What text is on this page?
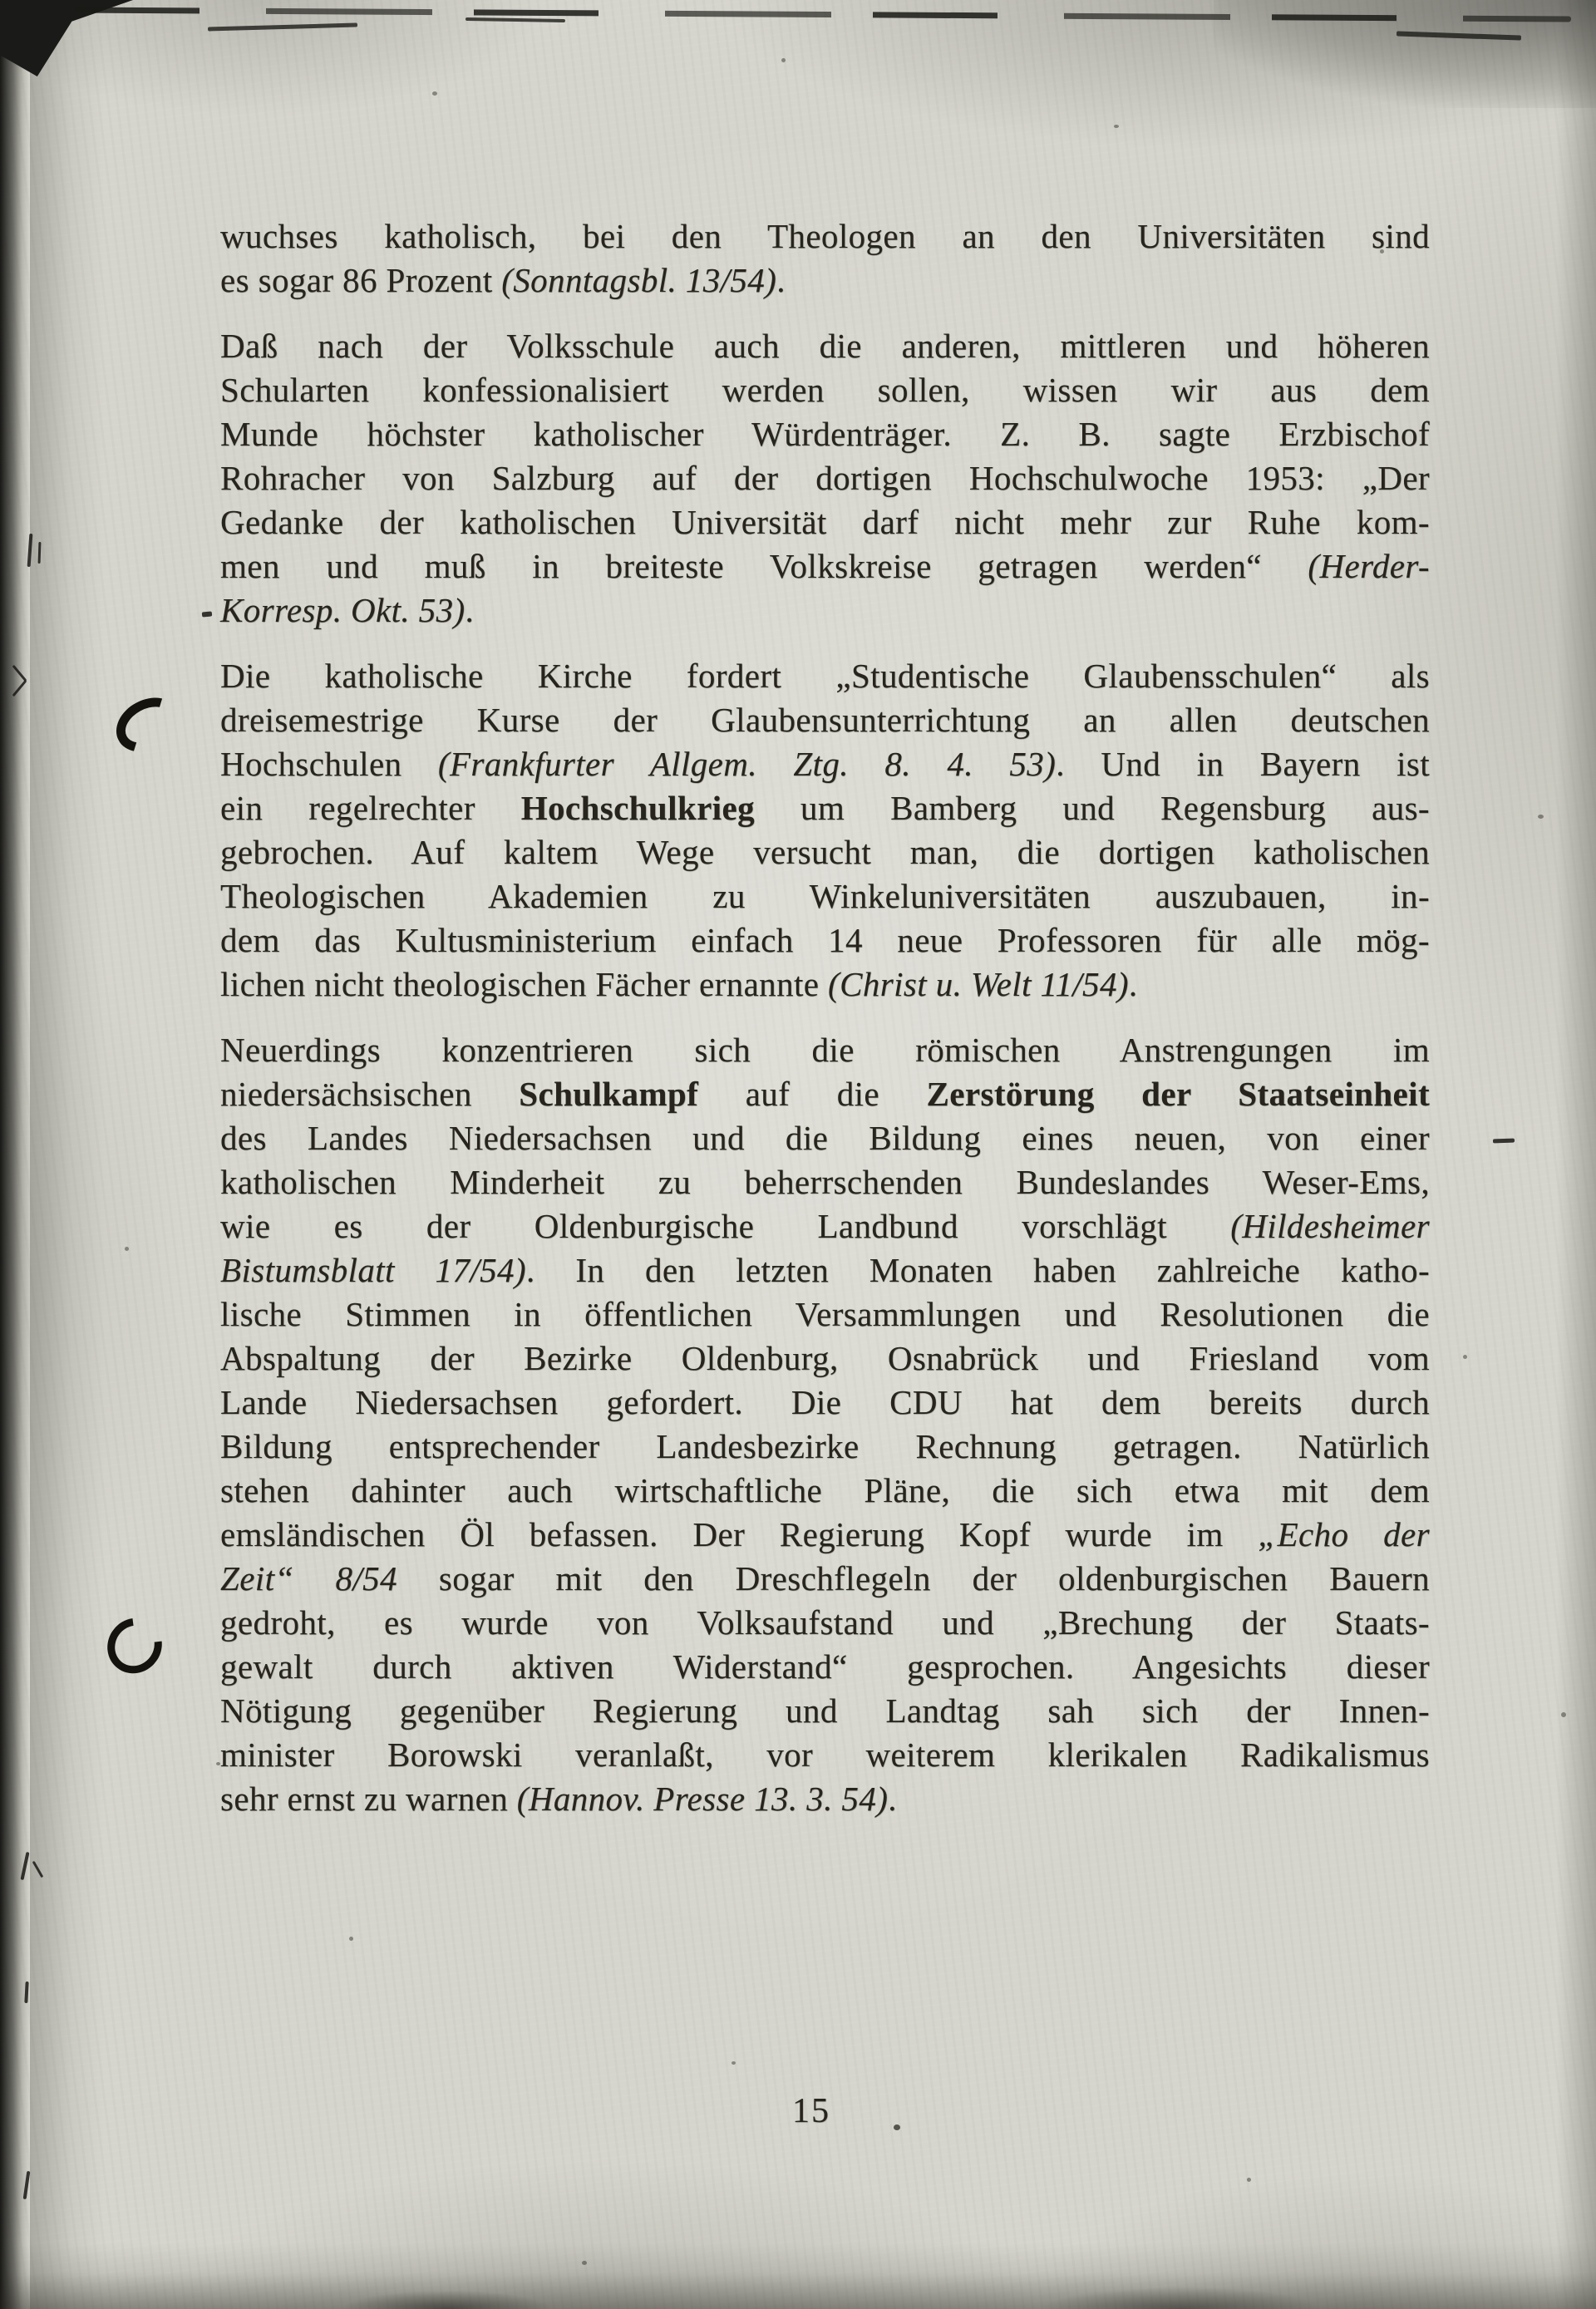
wuchses katholisch, bei den Theologen an den Universitäten sind
es sogar 86 Prozent (Sonntagsbl. 13/54).
Daß nach der Volksschule auch die anderen, mittleren und höheren
Schularten konfessionalisiert werden sollen, wissen wir aus dem
Munde höchster katholischer Würdenträger. Z. B. sagte Erzbischof
Rohracher von Salzburg auf der dortigen Hochschulwoche 1953: „Der
Gedanke der katholischen Universität darf nicht mehr zur Ruhe kom-
men und muß in breiteste Volkskreise getragen werden“ (Herder-
Korresp. Okt. 53).
Die katholische Kirche fordert „Studentische Glaubensschulen“ als
dreisemestrige Kurse der Glaubensunterrichtung an allen deutschen
Hochschulen (Frankfurter Allgem. Ztg. 8. 4. 53). Und in Bayern ist
ein regelrechter Hochschulkrieg um Bamberg und Regensburg aus-
gebrochen. Auf kaltem Wege versucht man, die dortigen katholischen
Theologischen Akademien zu Winkeluniversitäten auszubauen, in-
dem das Kultusministerium einfach 14 neue Professoren für alle mög-
lichen nicht theologischen Fächer ernannte (Christ u. Welt 11/54).
Neuerdings konzentrieren sich die römischen Anstrengungen im
niedersächsischen Schulkampf auf die Zerstörung der Staatseinheit
des Landes Niedersachsen und die Bildung eines neuen, von einer
katholischen Minderheit zu beherrschenden Bundeslandes Weser-Ems,
wie es der Oldenburgische Landbund vorschlägt (Hildesheimer
Bistumsblatt 17/54). In den letzten Monaten haben zahlreiche katho-
lische Stimmen in öffentlichen Versammlungen und Resolutionen die
Abspaltung der Bezirke Oldenburg, Osnabrück und Friesland vom
Lande Niedersachsen gefordert. Die CDU hat dem bereits durch
Bildung entsprechender Landesbezirke Rechnung getragen. Natürlich
stehen dahinter auch wirtschaftliche Pläne, die sich etwa mit dem
emsländischen Öl befassen. Der Regierung Kopf wurde im „Echo der
Zeit“ 8/54 sogar mit den Dreschflegeln der oldenburgischen Bauern
gedroht, es wurde von Volksaufstand und „Brechung der Staats-
gewalt durch aktiven Widerstand“ gesprochen. Angesichts dieser
Nötigung gegenüber Regierung und Landtag sah sich der Innen-
minister Borowski veranlaßt, vor weiterem klerikalen Radikalismus
sehr ernst zu warnen (Hannov. Presse 13. 3. 54).
15
